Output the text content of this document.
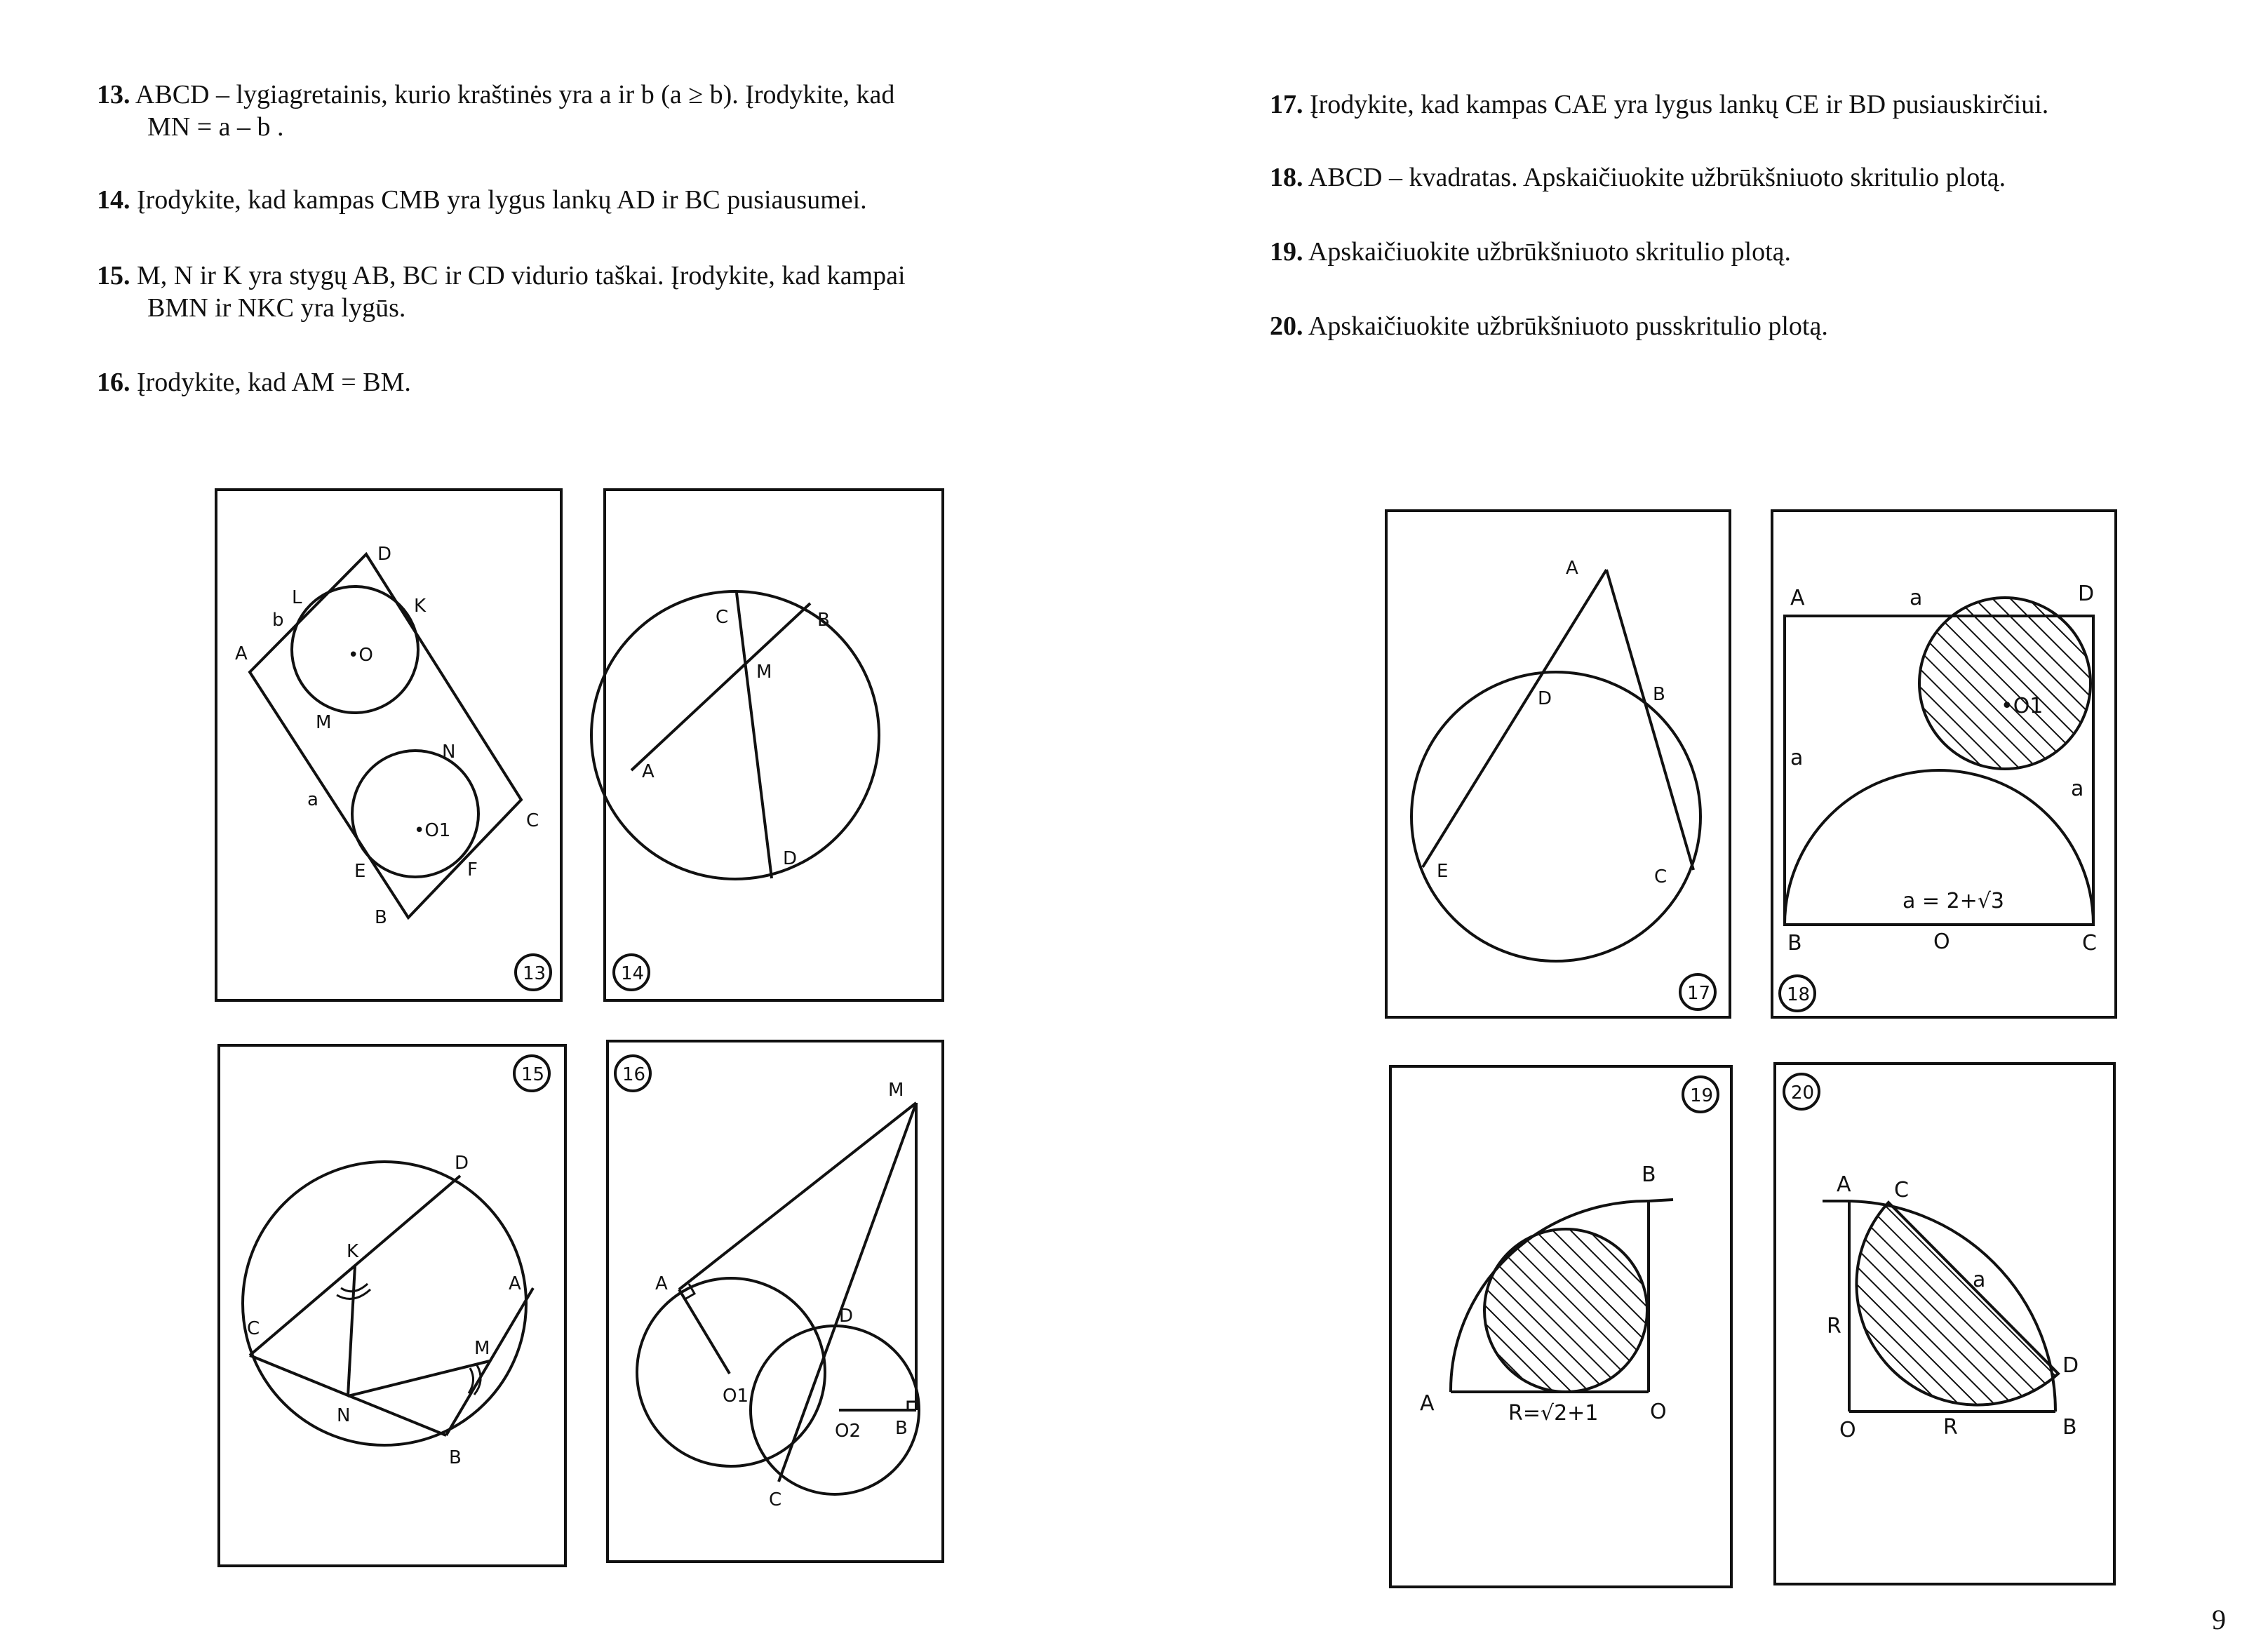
13. ABCD – lygiagretainis, kurio kraštinės yra a ir b (a ≥ b). Įrodykite, kad
MN = a – b .
14. Įrodykite, kad kampas CMB yra lygus lankų AD ir BC pusiausumei.
15. M, N ir K yra stygų AB, BC ir CD vidurio taškai. Įrodykite, kad kampai
BMN ir NKC yra lygūs.
16. Įrodykite, kad AM = BM.
17. Įrodykite, kad kampas CAE yra lygus lankų CE ir BD pusiauskirčiui.
18. ABCD – kvadratas. Apskaičiuokite užbrūkšniuoto skritulio plotą.
19. Apskaičiuokite užbrūkšniuoto skritulio plotą.
20. Apskaičiuokite užbrūkšniuoto pusskritulio plotą.
A
D
C
B
L
b
K
M
N
a
E	F
•O
•O1
13
C	B
M
A
D
14
D
K
A
C
M
N
B
15
M
A
D
O1
O2 B
C
16
A
D	B
E	C
17
A	D
a
a
a
•O1
a = 2+√3
B	O	C
18
B
A	R=√2+1 O
19
A C
a
R
D
O	R	B
20
9
